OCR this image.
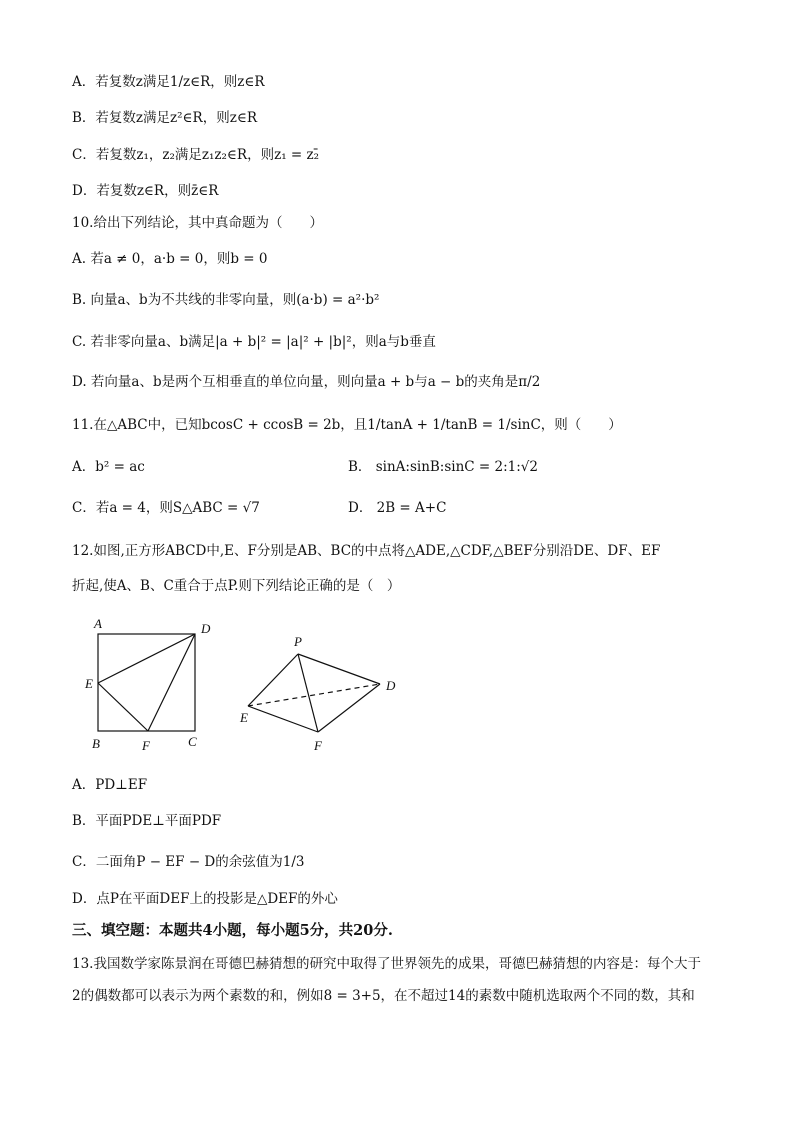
A．若复数z满足1/z∈R，则z∈R
B．若复数z满足z²∈R，则z∈R
C．若复数z₁，z₂满足z₁z₂∈R，则z₁ = z₂̄
D．若复数z∈R，则z̄∈R
10.给出下列结论，其中真命题为（　　）
A. 若a ≠ 0，a·b = 0，则b = 0
B. 向量a、b为不共线的非零向量，则(a·b) = a²·b²
C. 若非零向量a、b满足|a + b|² = |a|² + |b|²，则a与b垂直
D. 若向量a、b是两个互相垂直的单位向量，则向量a + b与a − b的夹角是π/2
11.在△ABC中，已知bcosC + ccosB = 2b，且1/tanA + 1/tanB = 1/sinC，则（　　）
A．b² = ac	B． sinA:sinB:sinC = 2:1:√2
C．若a = 4，则S△ABC = √7	D． 2B = A+C
12.如图,正方形ABCD中,E、F分别是AB、BC的中点将△ADE,△CDF,△BEF分别沿DE、DF、EF
折起,使A、B、C重合于点P.则下列结论正确的是（　）
A	D
E
B	F	C
P
D
E
F
A．PD⊥EF
B．平面PDE⊥平面PDF
C．二面角P − EF − D的余弦值为1/3
D．点P在平面DEF上的投影是△DEF的外心
三、填空题：本题共4小题，每小题5分，共20分.
13.我国数学家陈景润在哥德巴赫猜想的研究中取得了世界领先的成果，哥德巴赫猜想的内容是：每个大于
2的偶数都可以表示为两个素数的和，例如8 = 3+5，在不超过14的素数中随机选取两个不同的数，其和
